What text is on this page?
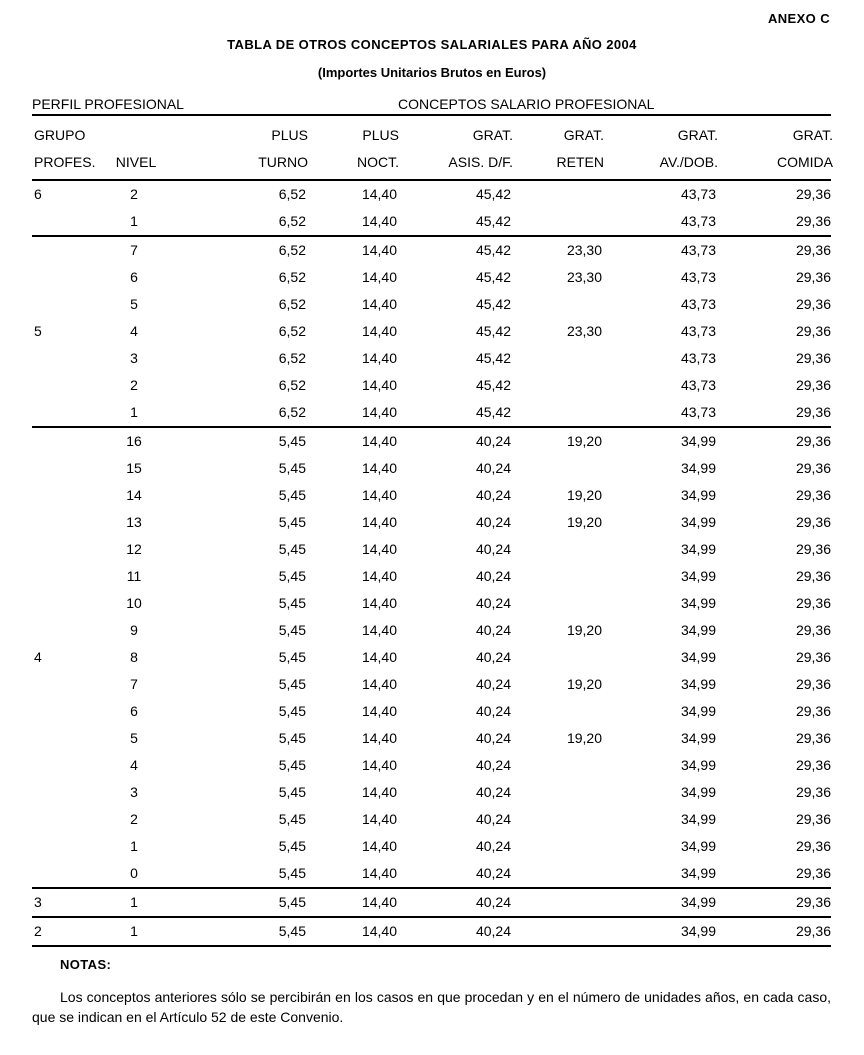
ANEXO C
TABLA DE OTROS CONCEPTOS SALARIALES PARA AÑO 2004
(Importes Unitarios Brutos en Euros)
PERFIL PROFESIONAL	CONCEPTOS SALARIO PROFESIONAL
GRUPO		PLUS	PLUS	GRAT.	GRAT.	GRAT.	GRAT.
PROFES.	NIVEL	TURNO	NOCT.	ASIS. D/F.	RETEN	AV./DOB.	COMIDA
6	2	6,52	14,40	45,42		43,73	29,36
	1	6,52	14,40	45,42		43,73	29,36
	7	6,52	14,40	45,42	23,30	43,73	29,36
	6	6,52	14,40	45,42	23,30	43,73	29,36
	5	6,52	14,40	45,42		43,73	29,36
5	4	6,52	14,40	45,42	23,30	43,73	29,36
	3	6,52	14,40	45,42		43,73	29,36
	2	6,52	14,40	45,42		43,73	29,36
	1	6,52	14,40	45,42		43,73	29,36
	16	5,45	14,40	40,24	19,20	34,99	29,36
	15	5,45	14,40	40,24		34,99	29,36
	14	5,45	14,40	40,24	19,20	34,99	29,36
	13	5,45	14,40	40,24	19,20	34,99	29,36
	12	5,45	14,40	40,24		34,99	29,36
	11	5,45	14,40	40,24		34,99	29,36
	10	5,45	14,40	40,24		34,99	29,36
	9	5,45	14,40	40,24	19,20	34,99	29,36
4	8	5,45	14,40	40,24		34,99	29,36
	7	5,45	14,40	40,24	19,20	34,99	29,36
	6	5,45	14,40	40,24		34,99	29,36
	5	5,45	14,40	40,24	19,20	34,99	29,36
	4	5,45	14,40	40,24		34,99	29,36
	3	5,45	14,40	40,24		34,99	29,36
	2	5,45	14,40	40,24		34,99	29,36
	1	5,45	14,40	40,24		34,99	29,36
	0	5,45	14,40	40,24		34,99	29,36
3	1	5,45	14,40	40,24		34,99	29,36
2	1	5,45	14,40	40,24		34,99	29,36
NOTAS:
Los conceptos anteriores sólo se percibirán en los casos en que procedan y en el número de unidades años, en cada caso, que se indican en el Artículo 52 de este Convenio.
